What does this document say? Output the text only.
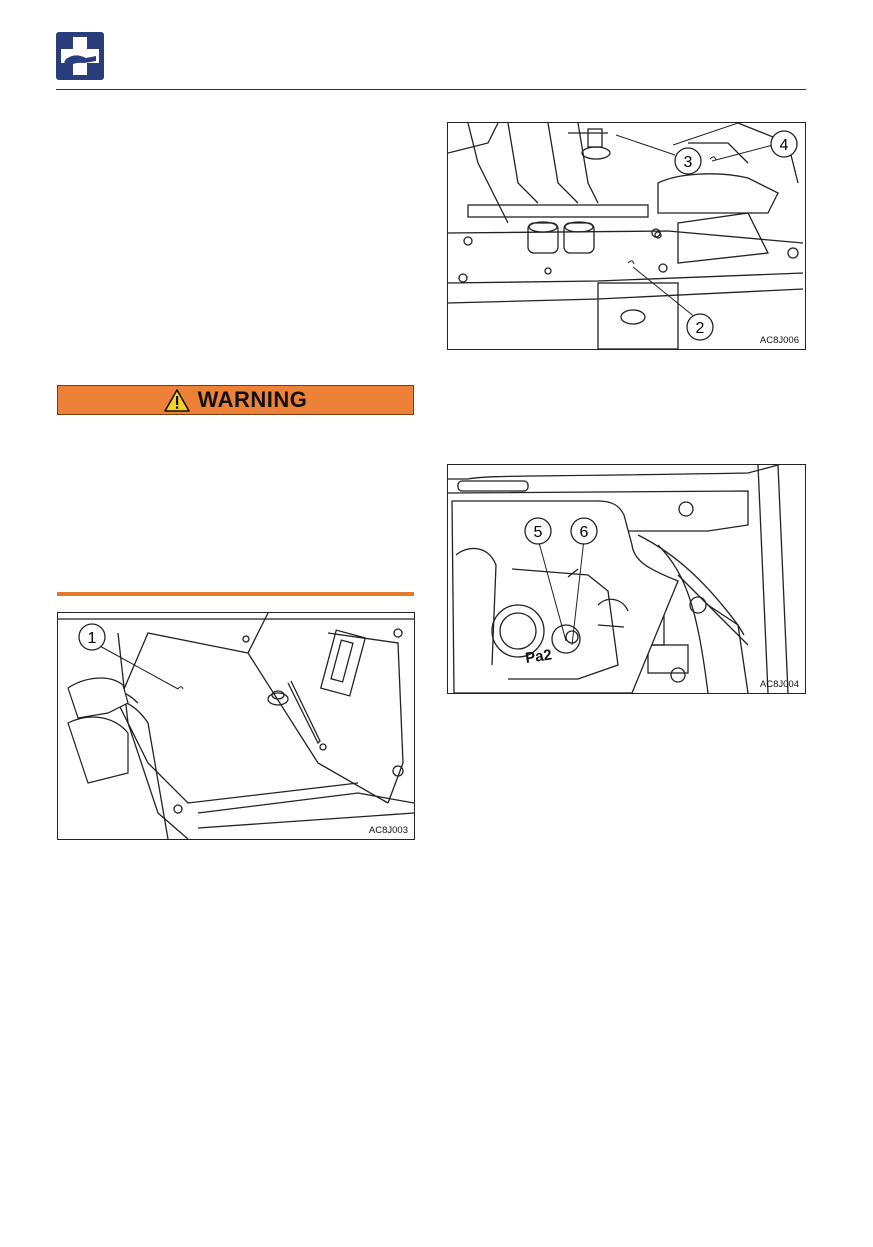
WARNING
1
AC8J003
3
4
2
AC8J006
Pa2
5 6
AC8J004
